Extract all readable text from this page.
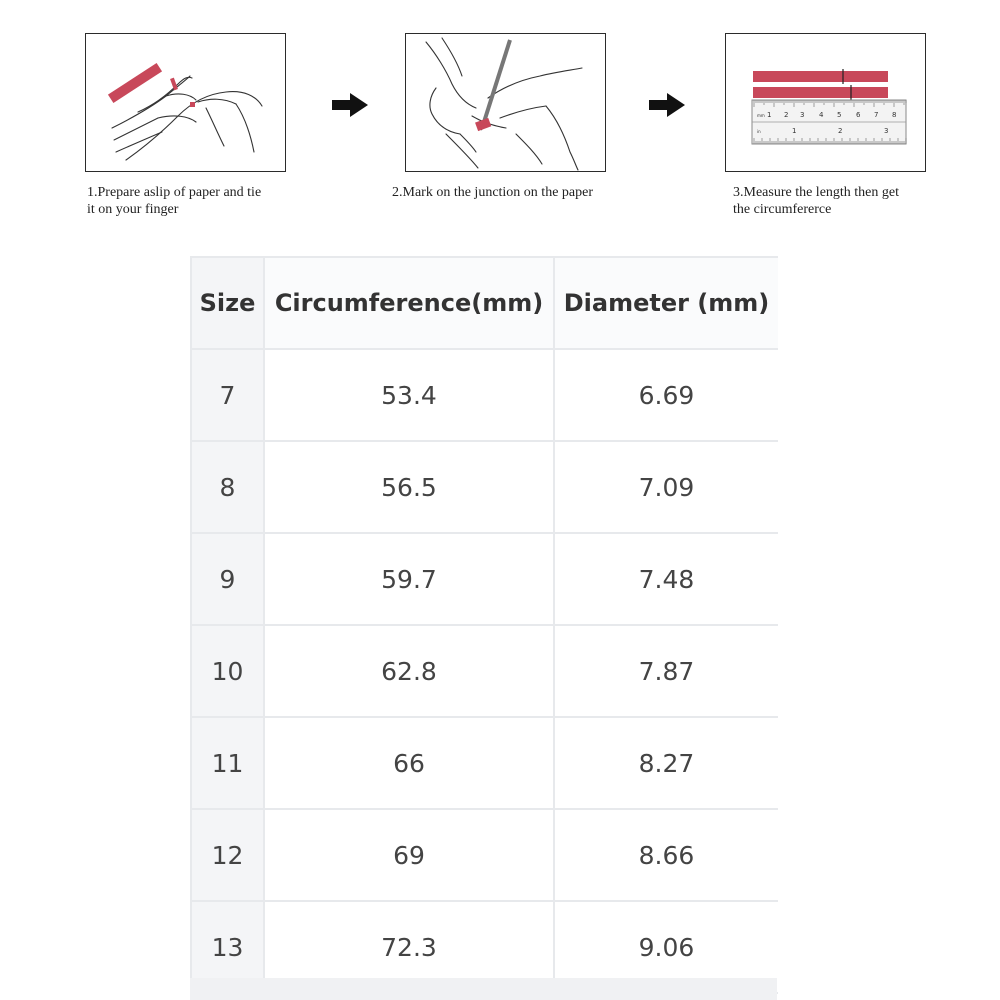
mm 1 2 3 4 5 6 7 8
in	1	2	3
1.Prepare aslip of paper and tie
it on your finger
2.Mark on the junction on the paper	3.Measure the length then get
the circumfererce
Size	Circumference(mm)	Diameter (mm)
7	53.4	6.69
8	56.5	7.09
9	59.7	7.48
10	62.8	7.87
11	66	8.27
12	69	8.66
13	72.3	9.06
